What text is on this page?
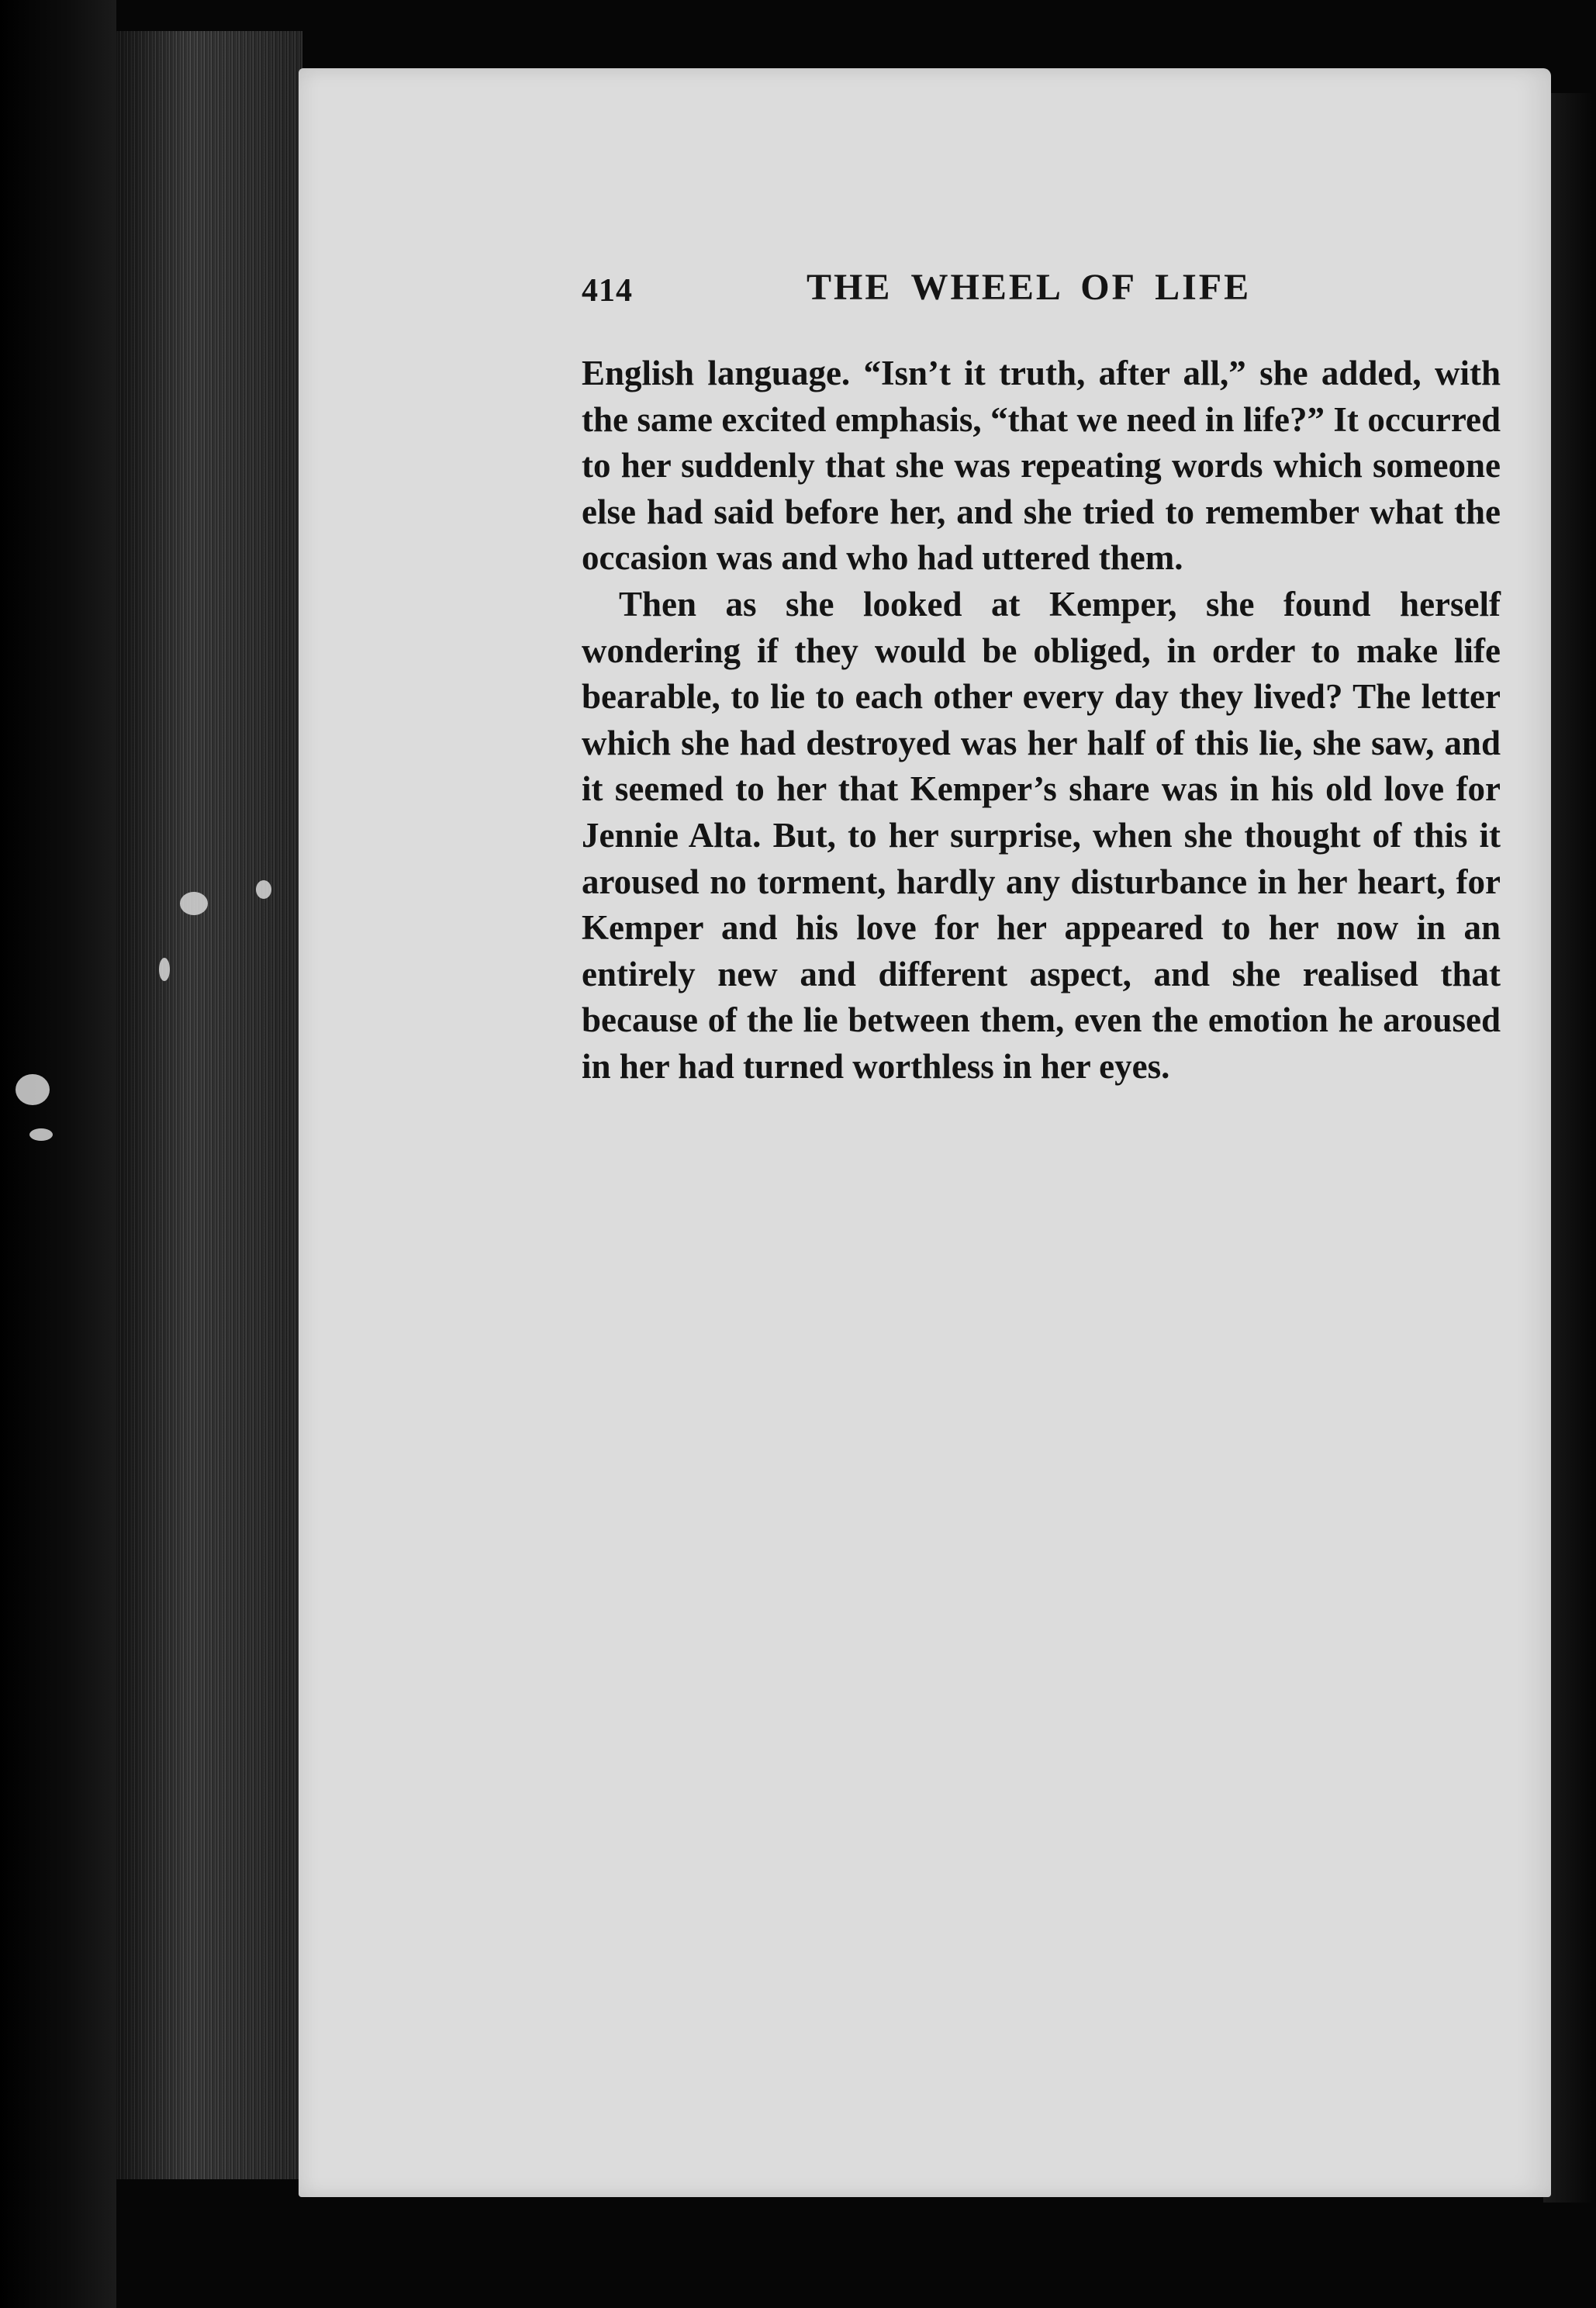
414	THE WHEEL OF LIFE

English language. “Isn’t it truth, after all,” she added, with the same excited emphasis, “that we need in life?” It occurred to her suddenly that she was repeating words which someone else had said before her, and she tried to remember what the occasion was and who had uttered them.

Then as she looked at Kemper, she found herself wondering if they would be obliged, in order to make life bearable, to lie to each other every day they lived? The letter which she had destroyed was her half of this lie, she saw, and it seemed to her that Kemper’s share was in his old love for Jennie Alta. But, to her surprise, when she thought of this it aroused no torment, hardly any disturbance in her heart, for Kemper and his love for her appeared to her now in an entirely new and different aspect, and she realised that because of the lie between them, even the emotion he aroused in her had turned worthless in her eyes.
